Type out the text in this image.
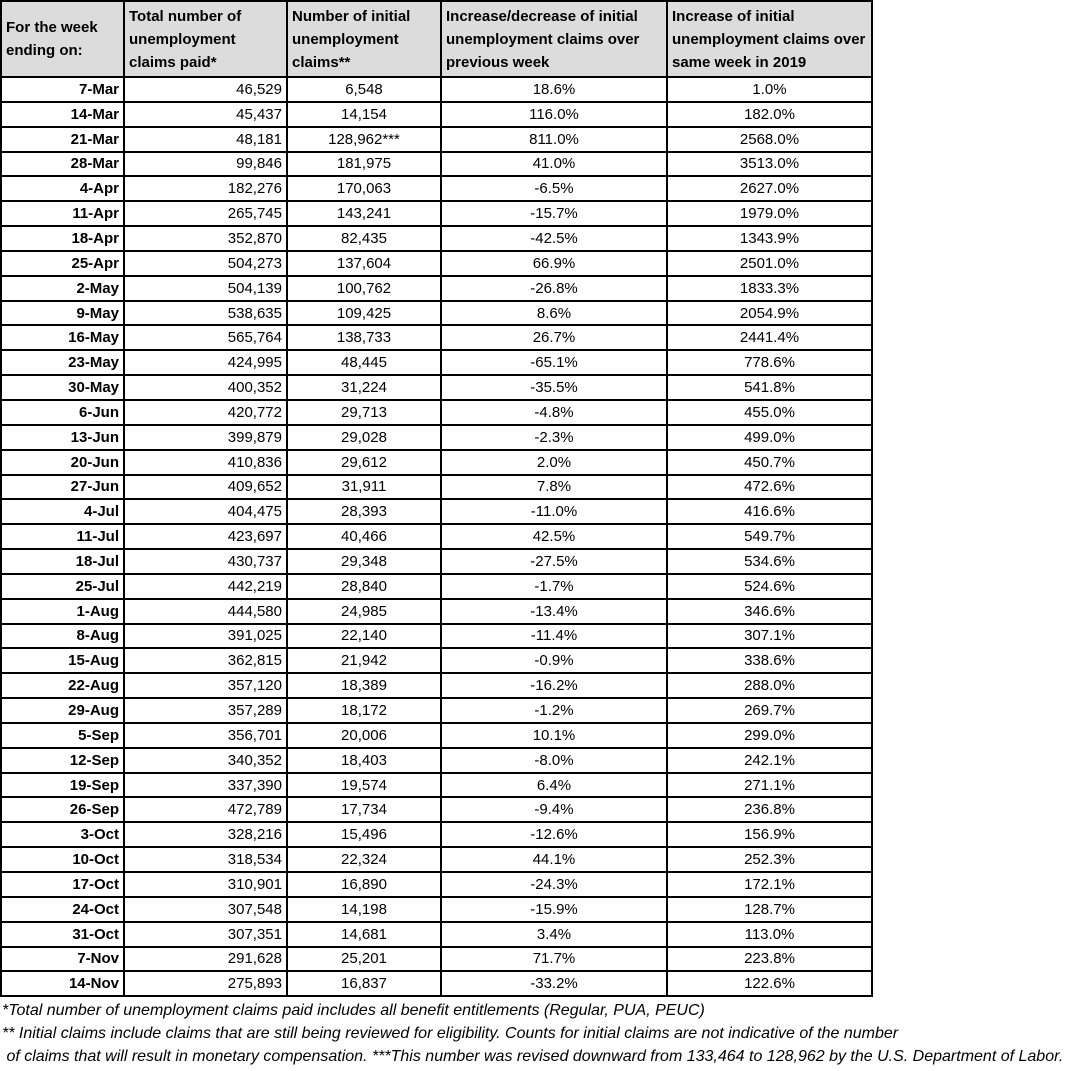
For the week ending on:	Total number of unemployment claims paid*	Number of initial unemployment claims**	Increase/decrease of initial unemployment claims over previous week	Increase of initial unemployment claims over same week in 2019
7-Mar	46,529	6,548	18.6%	1.0%
14-Mar	45,437	14,154	116.0%	182.0%
21-Mar	48,181	128,962***	811.0%	2568.0%
28-Mar	99,846	181,975	41.0%	3513.0%
4-Apr	182,276	170,063	-6.5%	2627.0%
11-Apr	265,745	143,241	-15.7%	1979.0%
18-Apr	352,870	82,435	-42.5%	1343.9%
25-Apr	504,273	137,604	66.9%	2501.0%
2-May	504,139	100,762	-26.8%	1833.3%
9-May	538,635	109,425	8.6%	2054.9%
16-May	565,764	138,733	26.7%	2441.4%
23-May	424,995	48,445	-65.1%	778.6%
30-May	400,352	31,224	-35.5%	541.8%
6-Jun	420,772	29,713	-4.8%	455.0%
13-Jun	399,879	29,028	-2.3%	499.0%
20-Jun	410,836	29,612	2.0%	450.7%
27-Jun	409,652	31,911	7.8%	472.6%
4-Jul	404,475	28,393	-11.0%	416.6%
11-Jul	423,697	40,466	42.5%	549.7%
18-Jul	430,737	29,348	-27.5%	534.6%
25-Jul	442,219	28,840	-1.7%	524.6%
1-Aug	444,580	24,985	-13.4%	346.6%
8-Aug	391,025	22,140	-11.4%	307.1%
15-Aug	362,815	21,942	-0.9%	338.6%
22-Aug	357,120	18,389	-16.2%	288.0%
29-Aug	357,289	18,172	-1.2%	269.7%
5-Sep	356,701	20,006	10.1%	299.0%
12-Sep	340,352	18,403	-8.0%	242.1%
19-Sep	337,390	19,574	6.4%	271.1%
26-Sep	472,789	17,734	-9.4%	236.8%
3-Oct	328,216	15,496	-12.6%	156.9%
10-Oct	318,534	22,324	44.1%	252.3%
17-Oct	310,901	16,890	-24.3%	172.1%
24-Oct	307,548	14,198	-15.9%	128.7%
31-Oct	307,351	14,681	3.4%	113.0%
7-Nov	291,628	25,201	71.7%	223.8%
14-Nov	275,893	16,837	-33.2%	122.6%
*Total number of unemployment claims paid includes all benefit entitlements (Regular, PUA, PEUC)
** Initial claims include claims that are still being reviewed for eligibility. Counts for initial claims are not indicative of the number
of claims that will result in monetary compensation. ***This number was revised downward from 133,464 to 128,962 by the U.S. Department of Labor.
